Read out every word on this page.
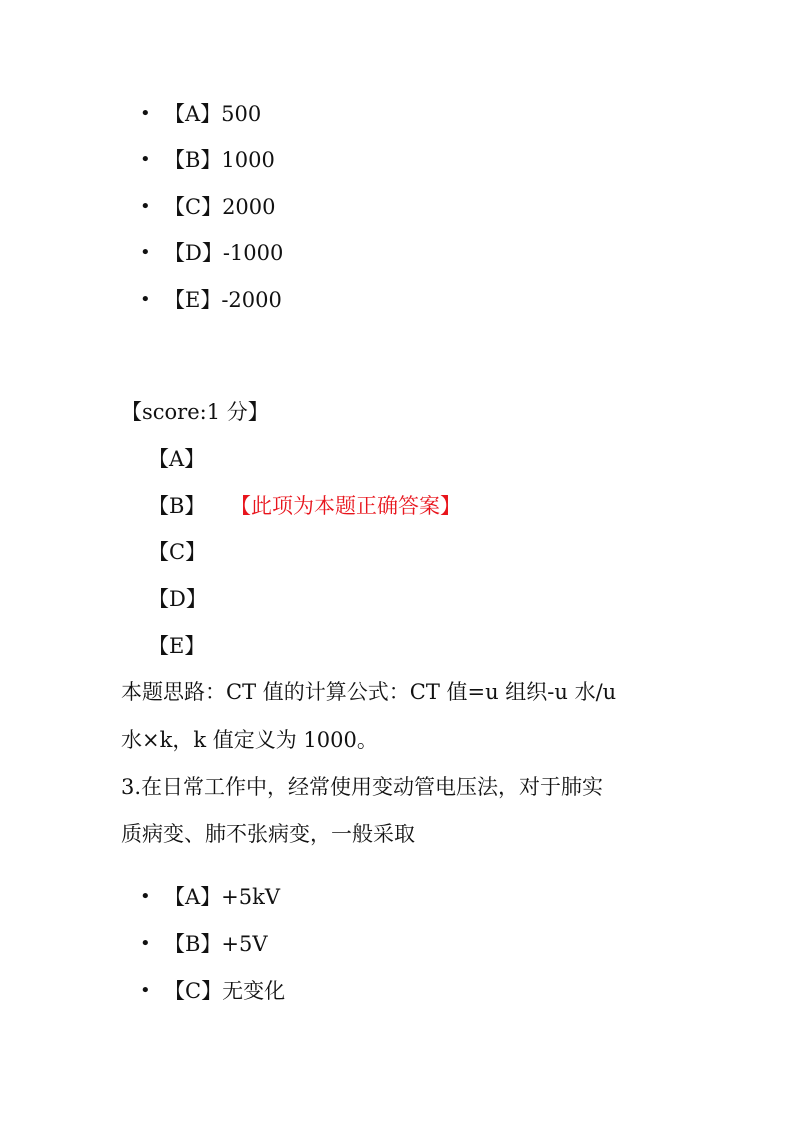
• 【A】500
• 【B】1000
• 【C】2000
• 【D】-1000
• 【E】-2000
【score:1 分】
【A】
【B】 【此项为本题正确答案】
【C】
【D】
【E】
本题思路：CT 值的计算公式：CT 值=u 组织-u 水/u
水×k，k 值定义为 1000。
3.在日常工作中，经常使用变动管电压法，对于肺实
质病变、肺不张病变，一般采取
• 【A】+5kV
• 【B】+5V
• 【C】无变化
